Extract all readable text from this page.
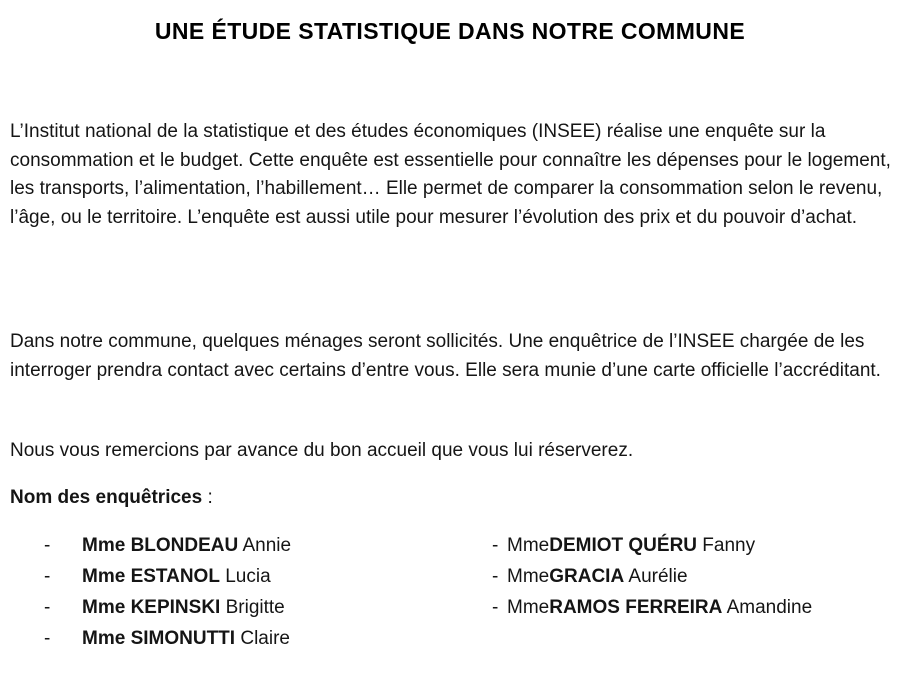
UNE ÉTUDE STATISTIQUE DANS NOTRE COMMUNE

L’Institut national de la statistique et des études économiques (INSEE) réalise une enquête sur la consommation et le budget. Cette enquête est essentielle pour connaître les dépenses pour le logement, les transports, l’alimentation, l’habillement… Elle permet de comparer la consommation selon le revenu, l’âge, ou le territoire. L’enquête est aussi utile pour mesurer l’évolution des prix et du pouvoir d’achat.

Dans notre commune, quelques ménages seront sollicités. Une enquêtrice de l’INSEE chargée de les interroger prendra contact avec certains d’entre vous. Elle sera munie d’une carte officielle l’accréditant.

Nous vous remercions par avance du bon accueil que vous lui réserverez.

Nom des enquêtrices :
- Mme BLONDEAU Annie
- Mme ESTANOL Lucia
- Mme KEPINSKI Brigitte
- Mme SIMONUTTI Claire
- MmeDEMIOT QUÉRU Fanny
- MmeGRACIA Aurélie
- MmeRAMOS FERREIRA Amandine
